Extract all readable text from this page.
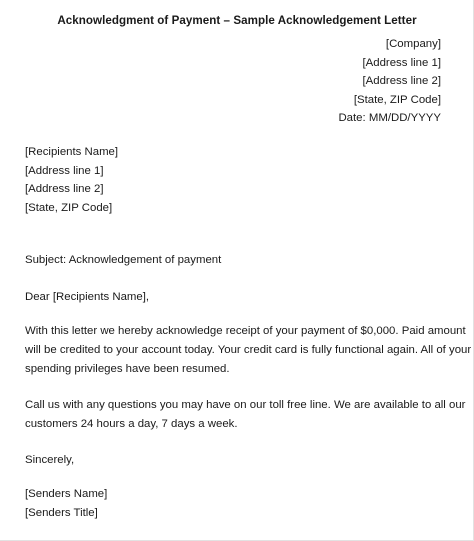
Acknowledgment of Payment – Sample Acknowledgement Letter
[Company]
[Address line 1]
[Address line 2]
[State, ZIP Code]
Date: MM/DD/YYYY
[Recipients Name]
[Address line 1]
[Address line 2]
[State, ZIP Code]
Subject: Acknowledgement of payment
Dear [Recipients Name],
With this letter we hereby acknowledge receipt of your payment of $0,000. Paid amount
will be credited to your account today. Your credit card is fully functional again. All of your
spending privileges have been resumed.
Call us with any questions you may have on our toll free line. We are available to all our
customers 24 hours a day, 7 days a week.
Sincerely,
[Senders Name]
[Senders Title]
